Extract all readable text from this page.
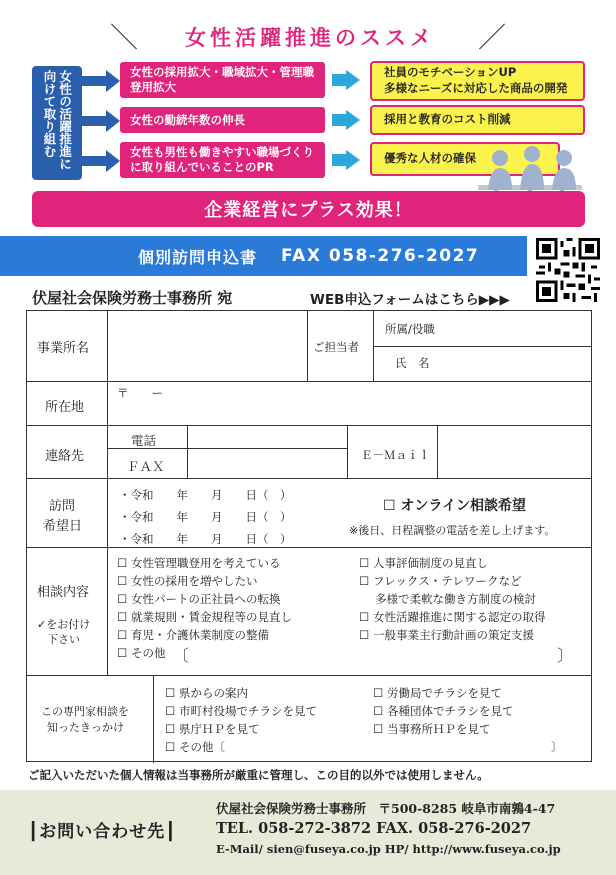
＼	女性活躍推進のススメ	／
女性の活躍推進に向けて取り組む	女性の採用拡大・職域拡大・管理職登用拡大
女性の勤続年数の伸長
女性も男性も働きやすい職場づくりに取り組んでいることのPR
社員のモチベーションUP
多様なニーズに対応した商品の開発
採用と教育のコスト削減
優秀な人材の確保
企業経営にプラス効果！
個別訪問申込書 FAX 058-276-2027
伏屋社会保険労務士事務所 宛	WEB申込フォームはこちら▶▶▶
事業所名	ご担当者
所属/役職
氏　名
所在地
〒　　ー
連絡先
電話
ＦＡＸ
Ｅ－Ｍａｉｌ
訪問
希望日
・令和　　年　　月　　日（　）
・令和　　年　　月　　日（　）
・令和　　年　　月　　日（　）
☐ オンライン相談希望
※後日、日程調整の電話を差し上げます。
相談内容
✓をお付け
下さい
☐ 女性管理職登用を考えている
☐ 女性の採用を増やしたい
☐ 女性パートの正社員への転換
☐ 就業規則・賃金規程等の見直し
☐ 育児・介護休業制度の整備
☐ その他 〔	〕
☐ 人事評価制度の見直し
☐ フレックス・テレワークなど
多様で柔軟な働き方制度の検討
☐ 女性活躍推進に関する認定の取得
☐ 一般事業主行動計画の策定支援
この専門家相談を
知ったきっかけ
☐ 県からの案内
☐ 市町村役場でチラシを見て
☐ 県庁ＨＰを見て
☐ その他〔
☐ 労働局でチラシを見て
☐ 各種団体でチラシを見て
☐ 当事務所ＨＰを見て
〕
ご記入いただいた個人情報は当事務所が厳重に管理し、この目的以外では使用しません。
┃お問い合わせ先┃
伏屋社会保険労務士事務所　〒500-8285 岐阜市南鶉4-47
TEL. 058-272-3872 FAX. 058-276-2027
E-Mail/ sien@fuseya.co.jp HP/ http://www.fuseya.co.jp
